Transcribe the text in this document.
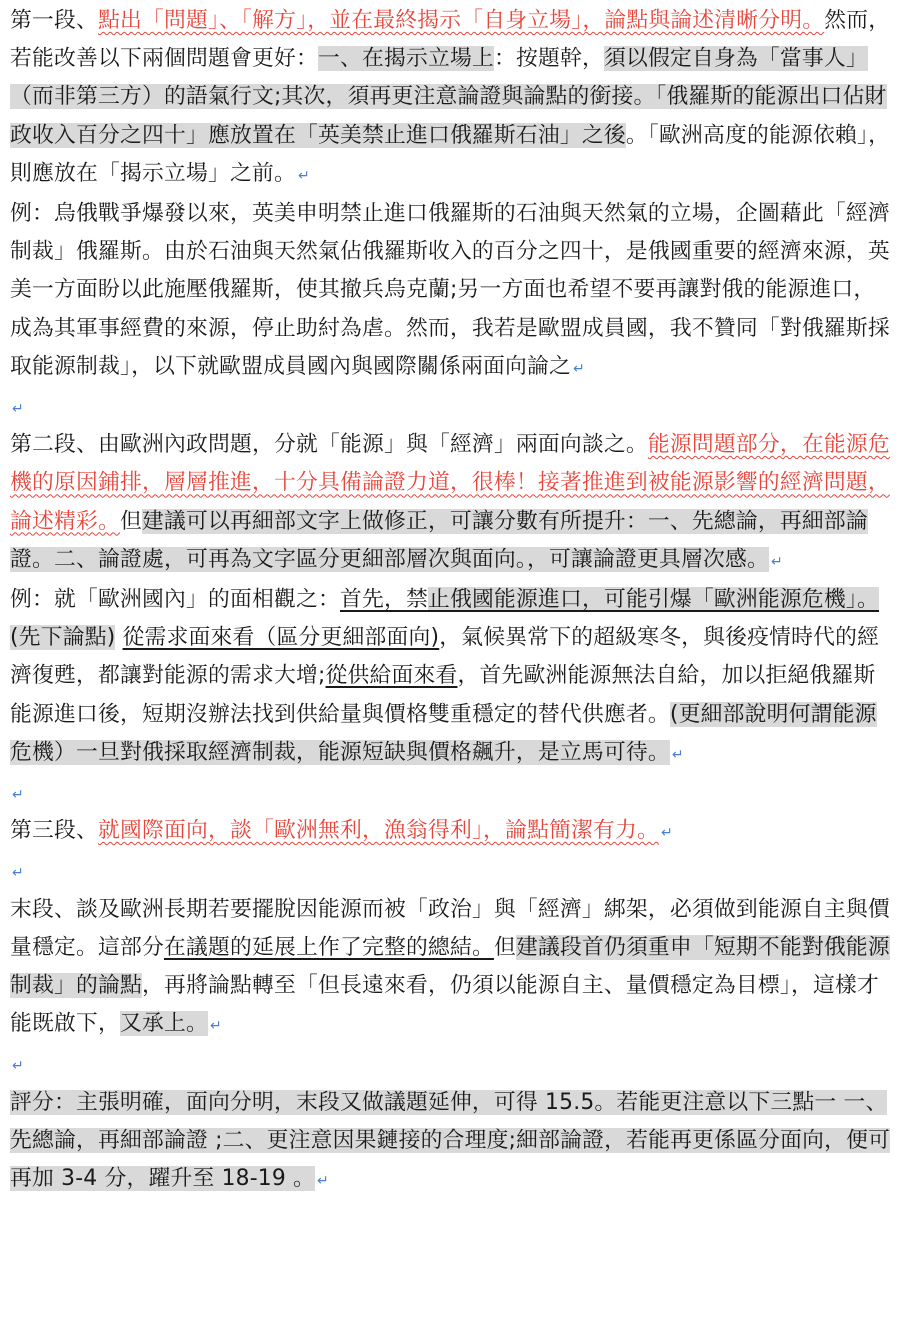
第一段、點出「問題」、「解方」，並在最終揭示「自身立場」，論點與論述清晰分明。然而，若能改善以下兩個問題會更好：一、在揭示立場上：按題幹，須以假定自身為「當事人」（而非第三方）的語氣行文;其次，須再更注意論證與論點的銜接。「俄羅斯的能源出口佔財政收入百分之四十」應放置在「英美禁止進口俄羅斯石油」之後。「歐洲高度的能源依賴」，則應放在「揭示立場」之前。↵

例：烏俄戰爭爆發以來，英美申明禁止進口俄羅斯的石油與天然氣的立場，企圖藉此「經濟制裁」俄羅斯。由於石油與天然氣佔俄羅斯收入的百分之四十，是俄國重要的經濟來源，英美一方面盼以此施壓俄羅斯，使其撤兵烏克蘭;另一方面也希望不要再讓對俄的能源進口，成為其軍事經費的來源，停止助紂為虐。然而，我若是歐盟成員國，我不贊同「對俄羅斯採取能源制裁」，以下就歐盟成員國內與國際關係兩面向論之↵

↵

第二段、由歐洲內政問題，分就「能源」與「經濟」兩面向談之。能源問題部分，在能源危機的原因鋪排，層層推進，十分具備論證力道，很棒！接著推進到被能源影響的經濟問題，論述精彩。但建議可以再細部文字上做修正，可讓分數有所提升：一、先總論，再細部論證。二、論證處，可再為文字區分更細部層次與面向。，可讓論證更具層次感。↵

例：就「歐洲國內」的面相觀之：首先，禁止俄國能源進口，可能引爆「歐洲能源危機」。(先下論點) 從需求面來看（區分更細部面向)，氣候異常下的超級寒冬，與後疫情時代的經濟復甦，都讓對能源的需求大增;從供給面來看，首先歐洲能源無法自給，加以拒絕俄羅斯能源進口後，短期沒辦法找到供給量與價格雙重穩定的替代供應者。(更細部說明何謂能源危機）一旦對俄採取經濟制裁，能源短缺與價格飆升，是立馬可待。↵

↵

第三段、就國際面向，談「歐洲無利，漁翁得利」，論點簡潔有力。↵

↵

末段、談及歐洲長期若要擺脫因能源而被「政治」與「經濟」綁架，必須做到能源自主與價量穩定。這部分在議題的延展上作了完整的總結。但建議段首仍須重申「短期不能對俄能源制裁」的論點，再將論點轉至「但長遠來看，仍須以能源自主、量價穩定為目標」，這樣才能既啟下，又承上。↵

↵

評分：主張明確，面向分明，末段又做議題延伸，可得 15.5。若能更注意以下三點一 一、先總論，再細部論證 ;二、更注意因果鏈接的合理度;細部論證，若能再更係區分面向，便可再加 3-4 分，躍升至 18-19 。↵
